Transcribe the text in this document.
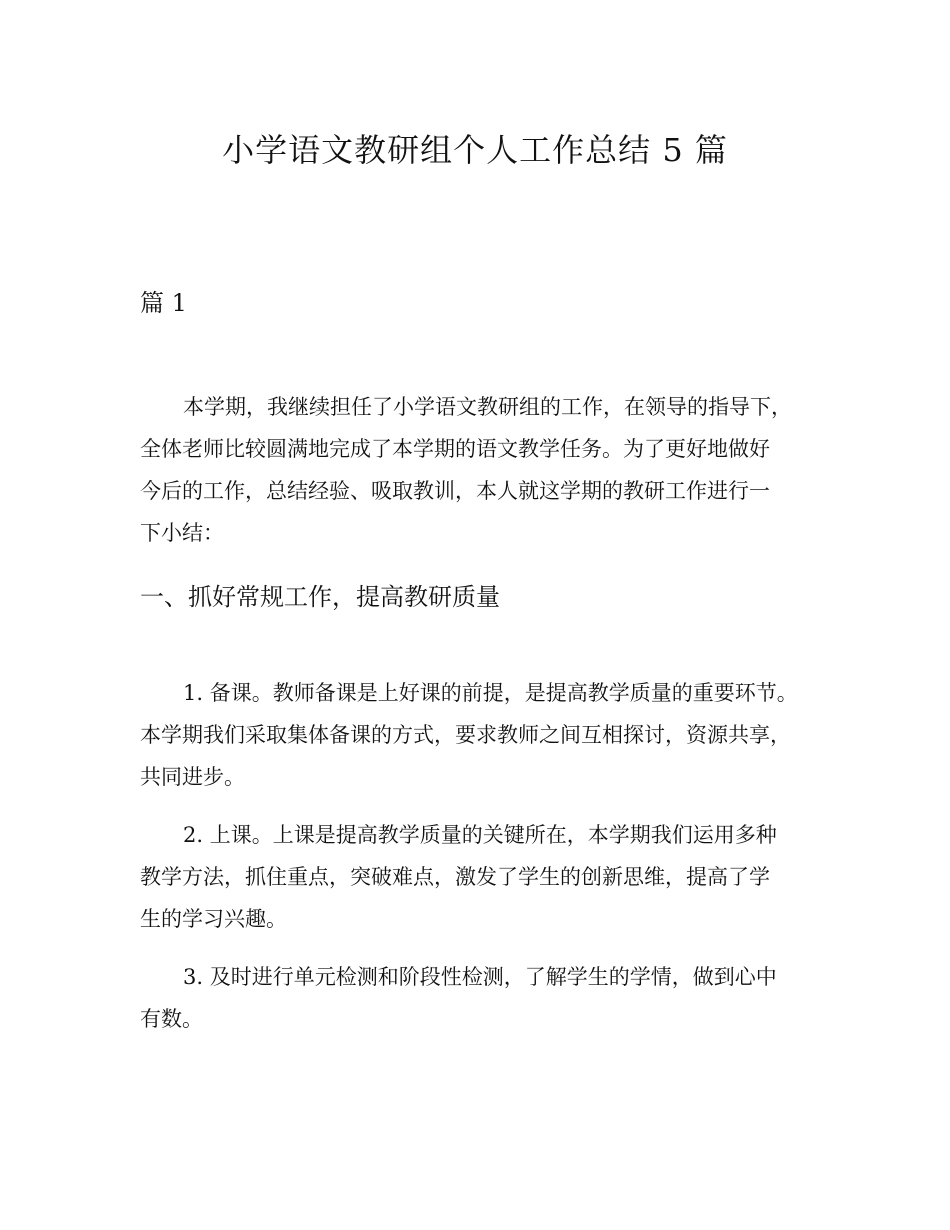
小学语文教研组个人工作总结 5 篇
篇 1

本学期，我继续担任了小学语文教研组的工作，在领导的指导下，
全体老师比较圆满地完成了本学期的语文教学任务。为了更好地做好
今后的工作，总结经验、吸取教训，本人就这学期的教研工作进行一
下小结：

一、抓好常规工作，提高教研质量

1. 备课。教师备课是上好课的前提，是提高教学质量的重要环节。
本学期我们采取集体备课的方式，要求教师之间互相探讨，资源共享，
共同进步。

2. 上课。上课是提高教学质量的关键所在，本学期我们运用多种
教学方法，抓住重点，突破难点，激发了学生的创新思维，提高了学
生的学习兴趣。

3. 及时进行单元检测和阶段性检测，了解学生的学情，做到心中
有数。
